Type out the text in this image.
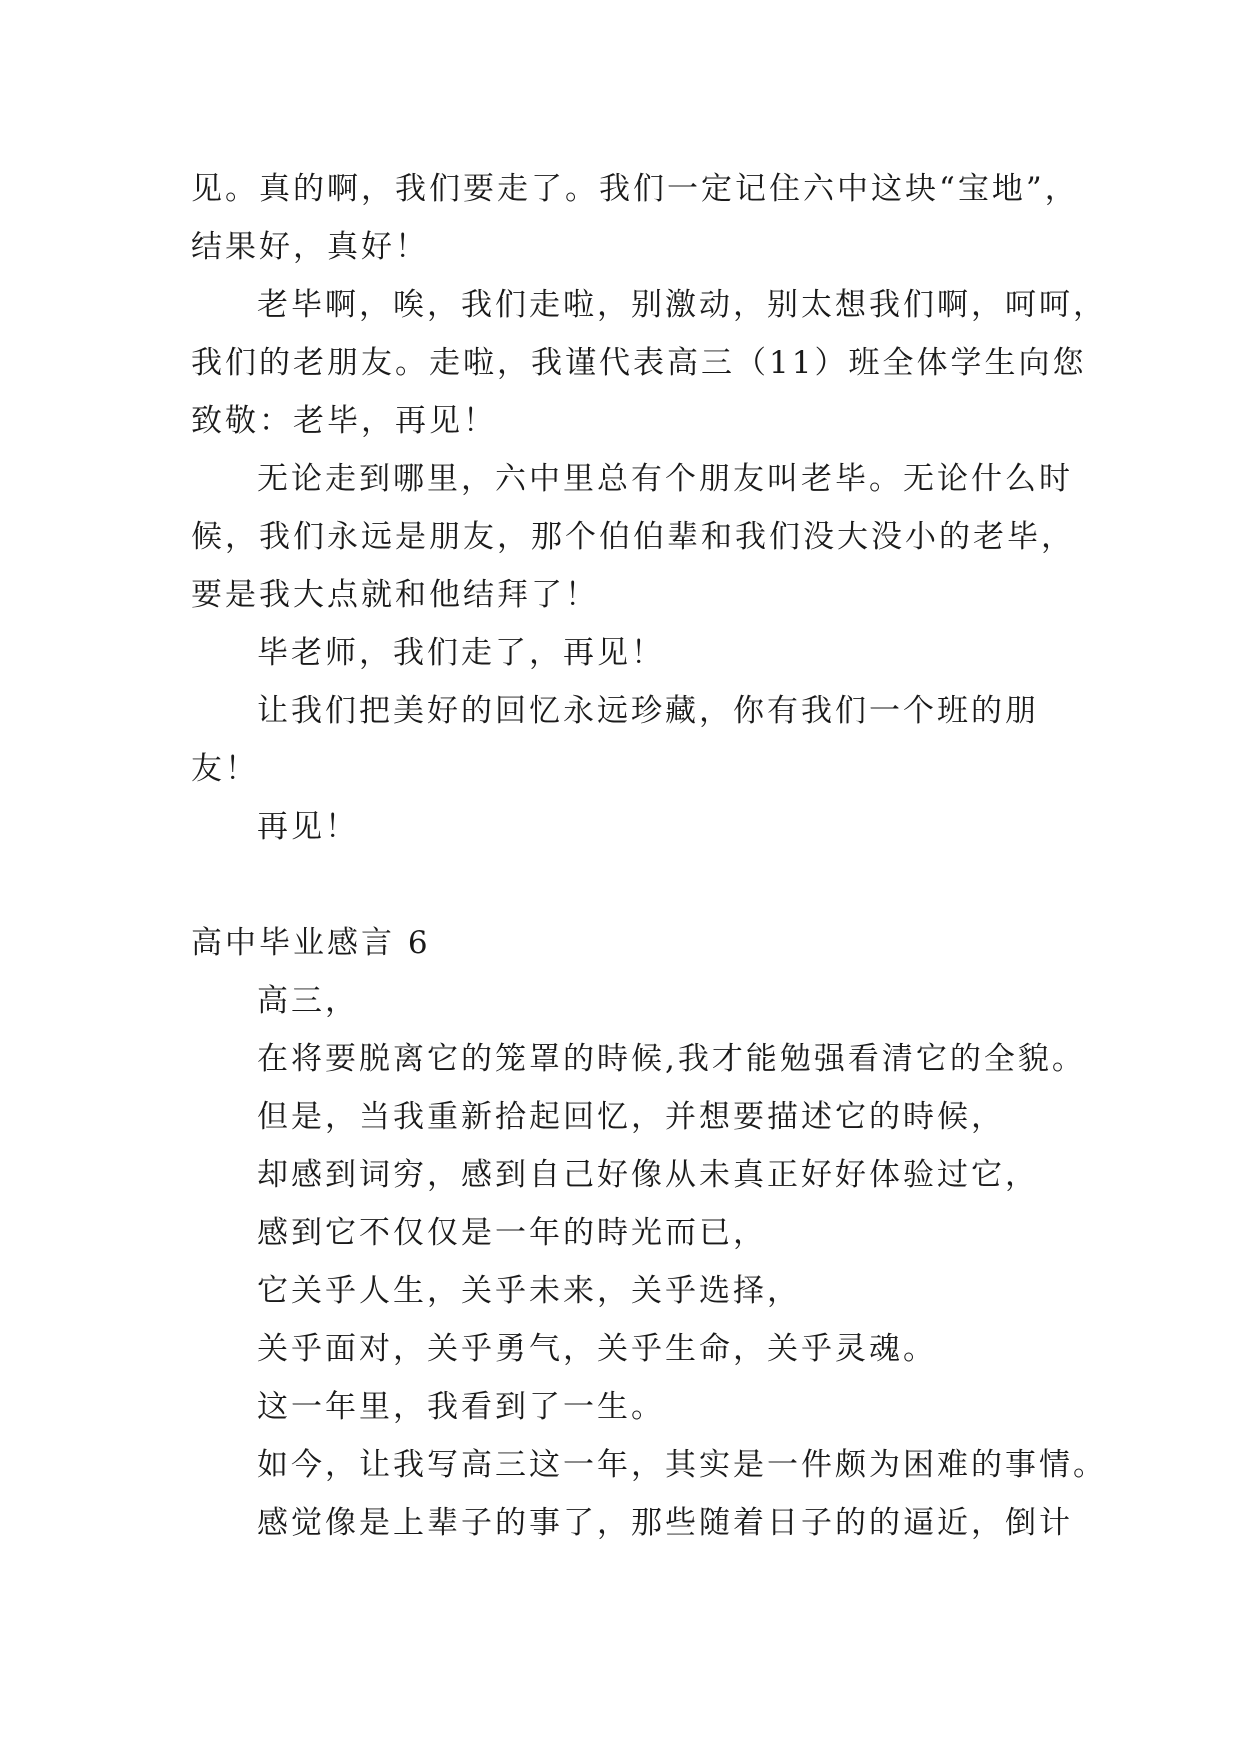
见。真的啊，我们要走了。我们一定记住六中这块“宝地”，
结果好，真好！
老毕啊，唉，我们走啦，别激动，别太想我们啊，呵呵，
我们的老朋友。走啦，我谨代表高三（11）班全体学生向您
致敬：老毕，再见！
无论走到哪里，六中里总有个朋友叫老毕。无论什么时
候，我们永远是朋友，那个伯伯辈和我们没大没小的老毕，
要是我大点就和他结拜了！
毕老师，我们走了，再见！
让我们把美好的回忆永远珍藏，你有我们一个班的朋
友！
再见！
高中毕业感言 6
高三，
在将要脱离它的笼罩的時候,我才能勉强看清它的全貌。
但是，当我重新拾起回忆，并想要描述它的時候，
却感到词穷，感到自己好像从未真正好好体验过它，
感到它不仅仅是一年的時光而已，
它关乎人生，关乎未来，关乎选择，
关乎面对，关乎勇气，关乎生命，关乎灵魂。
这一年里，我看到了一生。
如今，让我写高三这一年，其实是一件颇为困难的事情。
感觉像是上辈子的事了，那些随着日子的的逼近，倒计
